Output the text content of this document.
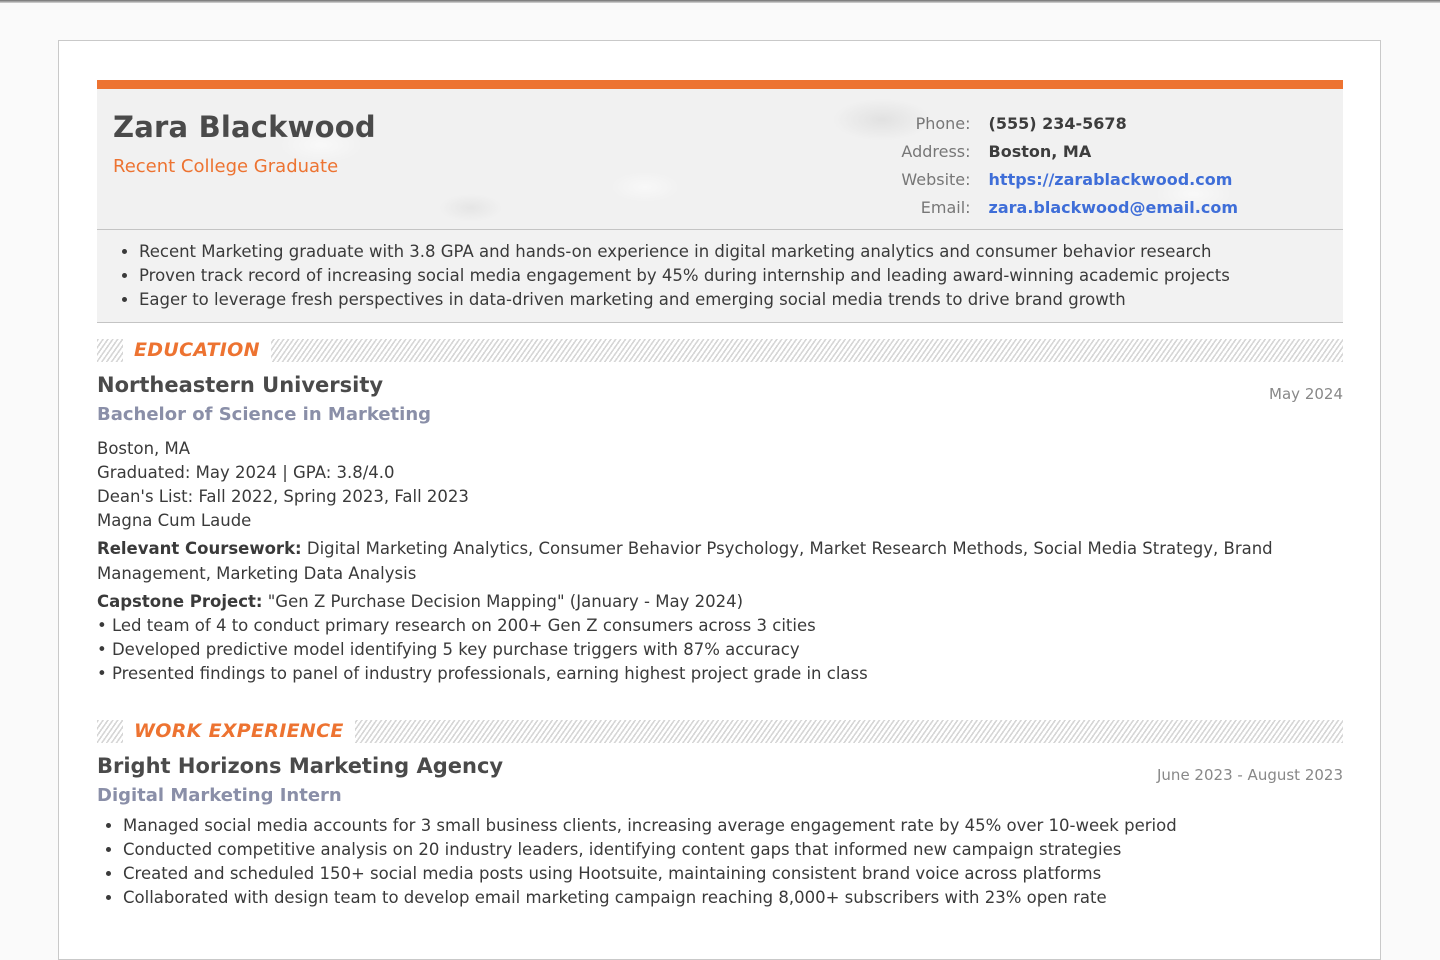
Zara Blackwood
Recent College Graduate
Phone:	(555) 234-5678
Address:	Boston, MA
Website:	https://zarablackwood.com
Email:	zara.blackwood@email.com
• Recent Marketing graduate with 3.8 GPA and hands-on experience in digital marketing analytics and consumer behavior research
• Proven track record of increasing social media engagement by 45% during internship and leading award-winning academic projects
• Eager to leverage fresh perspectives in data-driven marketing and emerging social media trends to drive brand growth
EDUCATION
Northeastern University	May 2024
Bachelor of Science in Marketing
Boston, MA
Graduated: May 2024 | GPA: 3.8/4.0
Dean's List: Fall 2022, Spring 2023, Fall 2023
Magna Cum Laude
Relevant Coursework: Digital Marketing Analytics, Consumer Behavior Psychology, Market Research Methods, Social Media Strategy, Brand Management, Marketing Data Analysis
Capstone Project: "Gen Z Purchase Decision Mapping" (January - May 2024)
• Led team of 4 to conduct primary research on 200+ Gen Z consumers across 3 cities
• Developed predictive model identifying 5 key purchase triggers with 87% accuracy
• Presented findings to panel of industry professionals, earning highest project grade in class
WORK EXPERIENCE
Bright Horizons Marketing Agency	June 2023 - August 2023
Digital Marketing Intern
• Managed social media accounts for 3 small business clients, increasing average engagement rate by 45% over 10-week period
• Conducted competitive analysis on 20 industry leaders, identifying content gaps that informed new campaign strategies
• Created and scheduled 150+ social media posts using Hootsuite, maintaining consistent brand voice across platforms
• Collaborated with design team to develop email marketing campaign reaching 8,000+ subscribers with 23% open rate
